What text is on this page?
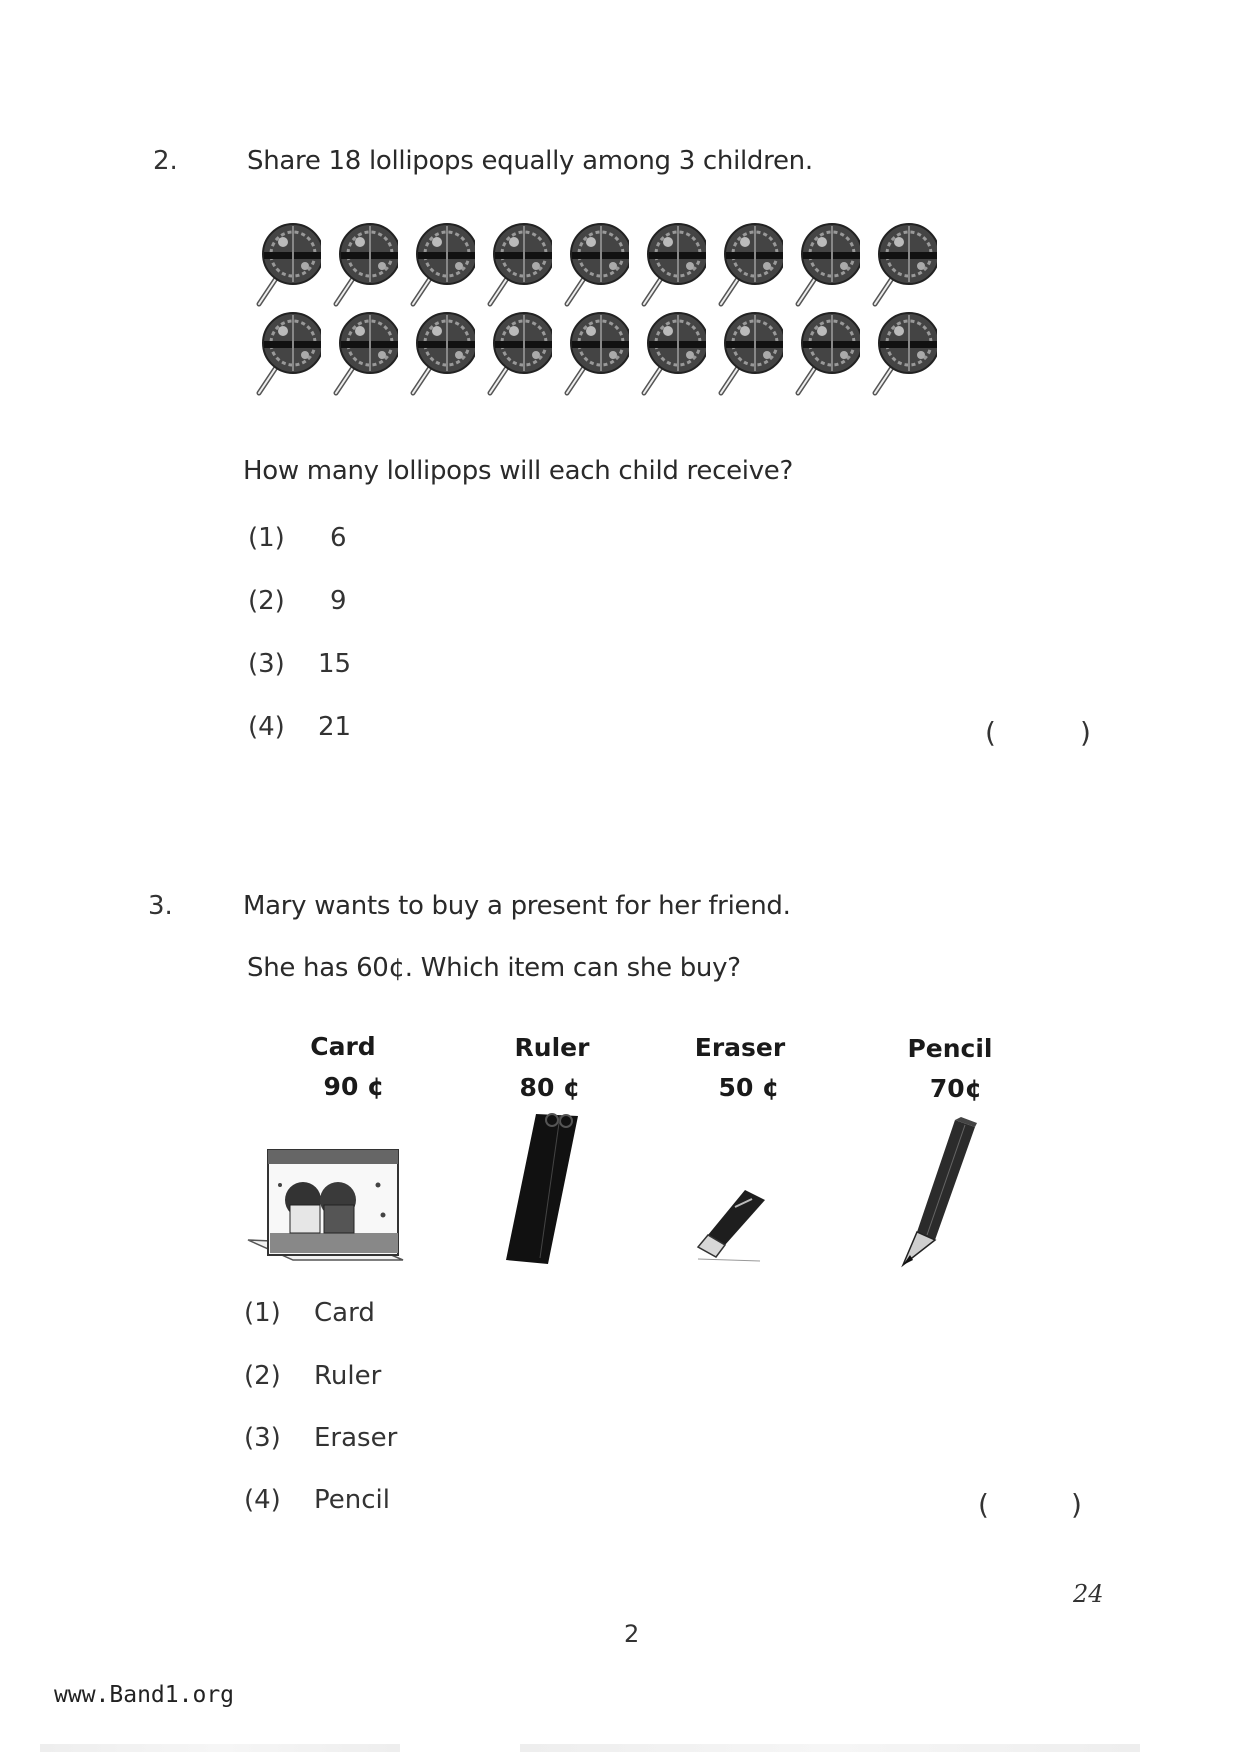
2.	Share 18 lollipops equally among 3 children.
How many lollipops will each child receive?
(1) 6
(2) 9
(3) 15
(4) 21	(	)
3.	Mary wants to buy a present for her friend.
She has 60¢. Which item can she buy?
Card
90 ¢
Ruler
80 ¢
Eraser
50 ¢
Pencil
70¢
(1) Card
(2) Ruler
(3) Eraser
(4) Pencil	(	)
24
2
www.Band1.org
